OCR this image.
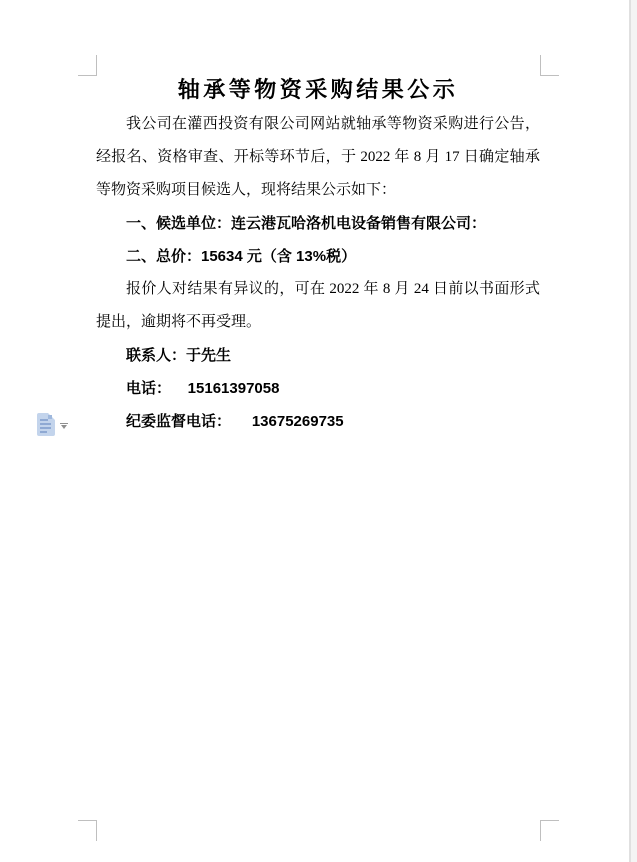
轴承等物资采购结果公示

我公司在灌西投资有限公司网站就轴承等物资采购进行公告，经报名、资格审查、开标等环节后，于 2022 年 8 月 17 日确定轴承等物资采购项目候选人，现将结果公示如下：

一、候选单位：连云港瓦哈洛机电设备销售有限公司：

二、总价：15634 元（含 13%税）

报价人对结果有异议的，可在 2022 年 8 月 24 日前以书面形式提出，逾期将不再受理。

联系人：于先生

电话：    15161397058

纪委监督电话：     13675269735
